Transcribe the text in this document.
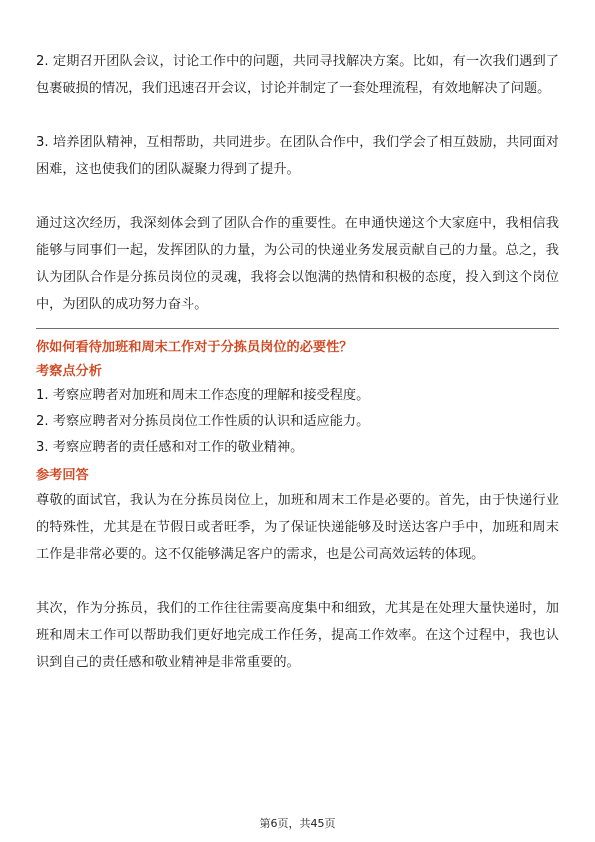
2. 定期召开团队会议，讨论工作中的问题，共同寻找解决方案。比如，有一次我们遇到了包裹破损的情况，我们迅速召开会议，讨论并制定了一套处理流程，有效地解决了问题。

3. 培养团队精神，互相帮助，共同进步。在团队合作中，我们学会了相互鼓励，共同面对困难，这也使我们的团队凝聚力得到了提升。

通过这次经历，我深刻体会到了团队合作的重要性。在申通快递这个大家庭中，我相信我能够与同事们一起，发挥团队的力量，为公司的快递业务发展贡献自己的力量。总之，我认为团队合作是分拣员岗位的灵魂，我将会以饱满的热情和积极的态度，投入到这个岗位中，为团队的成功努力奋斗。

你如何看待加班和周末工作对于分拣员岗位的必要性？

考察点分析

1. 考察应聘者对加班和周末工作态度的理解和接受程度。

2. 考察应聘者对分拣员岗位工作性质的认识和适应能力。

3. 考察应聘者的责任感和对工作的敬业精神。

参考回答

尊敬的面试官，我认为在分拣员岗位上，加班和周末工作是必要的。首先，由于快递行业的特殊性，尤其是在节假日或者旺季，为了保证快递能够及时送达客户手中，加班和周末工作是非常必要的。这不仅能够满足客户的需求，也是公司高效运转的体现。

其次，作为分拣员，我们的工作往往需要高度集中和细致，尤其是在处理大量快递时，加班和周末工作可以帮助我们更好地完成工作任务，提高工作效率。在这个过程中，我也认识到自己的责任感和敬业精神是非常重要的。

第6页，共45页
